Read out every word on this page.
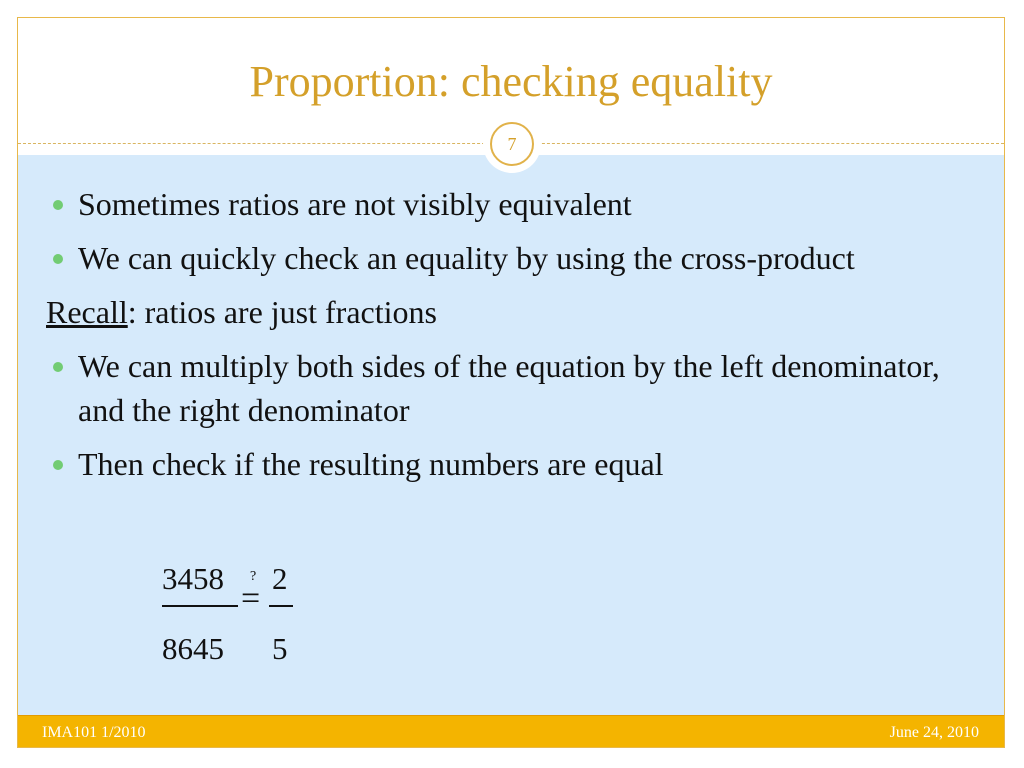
Proportion: checking equality
7
Sometimes ratios are not visibly equivalent
We can quickly check an equality by using the cross-product
Recall: ratios are just fractions
We can multiply both sides of the equation by the left denominator, and the right denominator
Then check if the resulting numbers are equal
3458
8645
?
=
2
5
IMA101 1/2010	June 24, 2010
